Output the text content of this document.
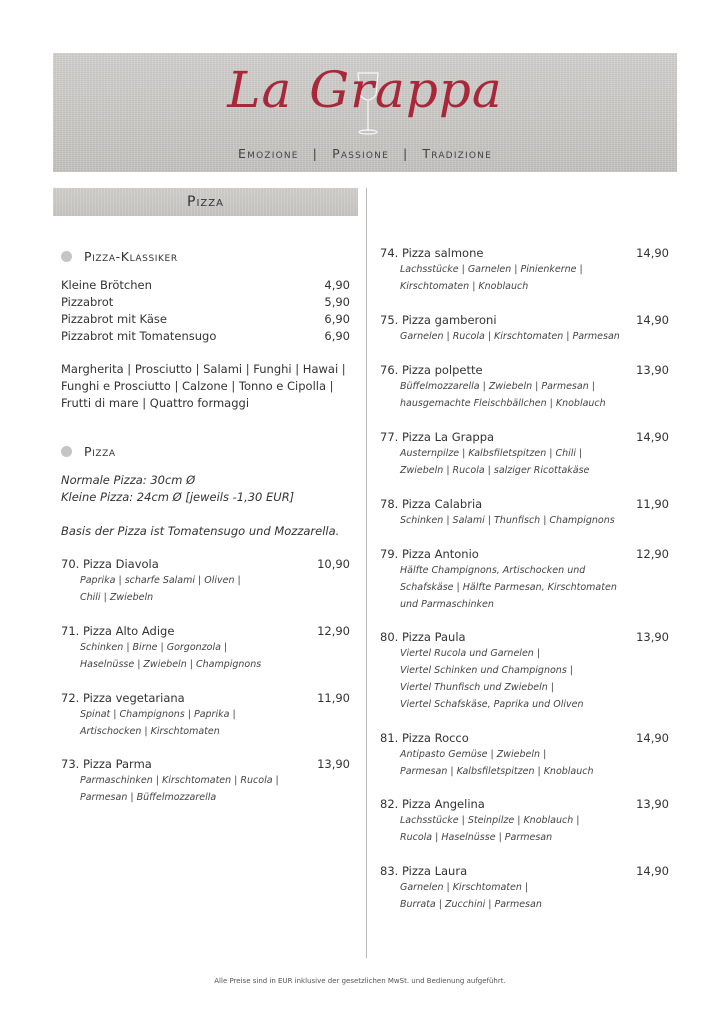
La Grappa
Emozione | Passione | Tradizione
Pizza
Pizza-Klassiker
Kleine Brötchen	4,90
Pizzabrot	5,90
Pizzabrot mit Käse	6,90
Pizzabrot mit Tomatensugo	6,90
Margherita | Prosciutto | Salami | Funghi | Hawai |
Funghi e Prosciutto | Calzone | Tonno e Cipolla |
Frutti di mare | Quattro formaggi
Pizza
Normale Pizza: 30cm Ø
Kleine Pizza: 24cm Ø [jeweils -1,30 EUR]
Basis der Pizza ist Tomatensugo und Mozzarella.
70. Pizza Diavola	10,90
Paprika | scharfe Salami | Oliven |
Chili | Zwiebeln
71. Pizza Alto Adige	12,90
Schinken | Birne | Gorgonzola |
Haselnüsse | Zwiebeln | Champignons
72. Pizza vegetariana	11,90
Spinat | Champignons | Paprika |
Artischocken | Kirschtomaten
73. Pizza Parma	13,90
Parmaschinken | Kirschtomaten | Rucola |
Parmesan | Büffelmozzarella
74. Pizza salmone	14,90
Lachsstücke | Garnelen | Pinienkerne |
Kirschtomaten | Knoblauch
75. Pizza gamberoni	14,90
Garnelen | Rucola | Kirschtomaten | Parmesan
76. Pizza polpette	13,90
Büffelmozzarella | Zwiebeln | Parmesan |
hausgemachte Fleischbällchen | Knoblauch
77. Pizza La Grappa	14,90
Austernpilze | Kalbsfiletspitzen | Chili |
Zwiebeln | Rucola | salziger Ricottakäse
78. Pizza Calabria	11,90
Schinken | Salami | Thunfisch | Champignons
79. Pizza Antonio	12,90
Hälfte Champignons, Artischocken und
Schafskäse | Hälfte Parmesan, Kirschtomaten
und Parmaschinken
80. Pizza Paula	13,90
Viertel Rucola und Garnelen |
Viertel Schinken und Champignons |
Viertel Thunfisch und Zwiebeln |
Viertel Schafskäse, Paprika und Oliven
81. Pizza Rocco	14,90
Antipasto Gemüse | Zwiebeln |
Parmesan | Kalbsfiletspitzen | Knoblauch
82. Pizza Angelina	13,90
Lachsstücke | Steinpilze | Knoblauch |
Rucola | Haselnüsse | Parmesan
83. Pizza Laura	14,90
Garnelen | Kirschtomaten |
Burrata | Zucchini | Parmesan
Alle Preise sind in EUR inklusive der gesetzlichen MwSt. und Bedienung aufgeführt.
